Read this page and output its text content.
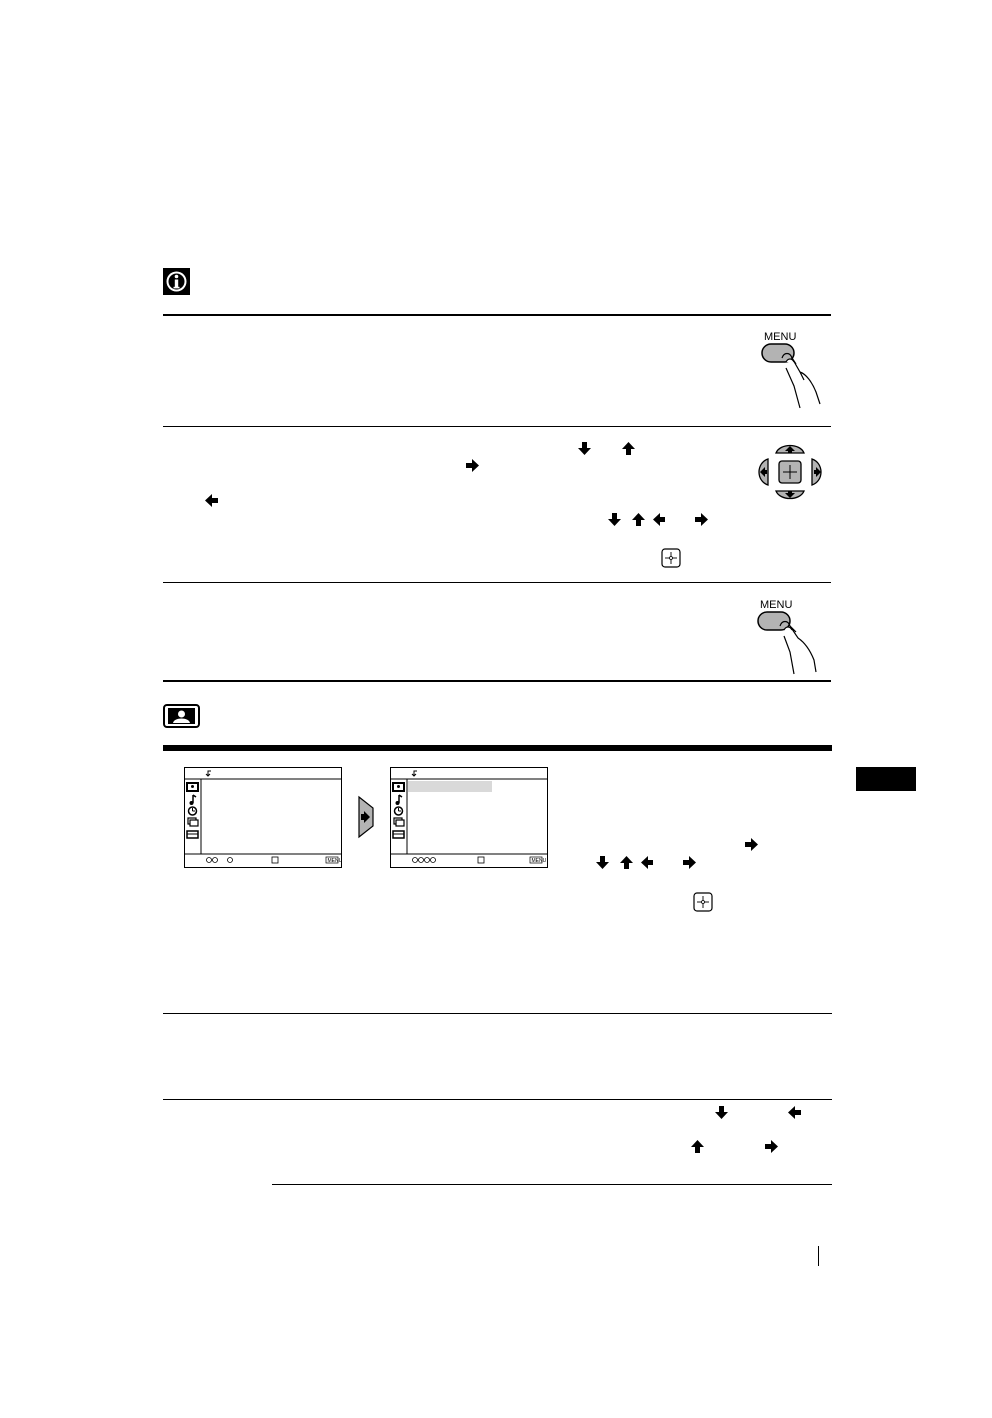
MENU
MENU
MENU	MENU
